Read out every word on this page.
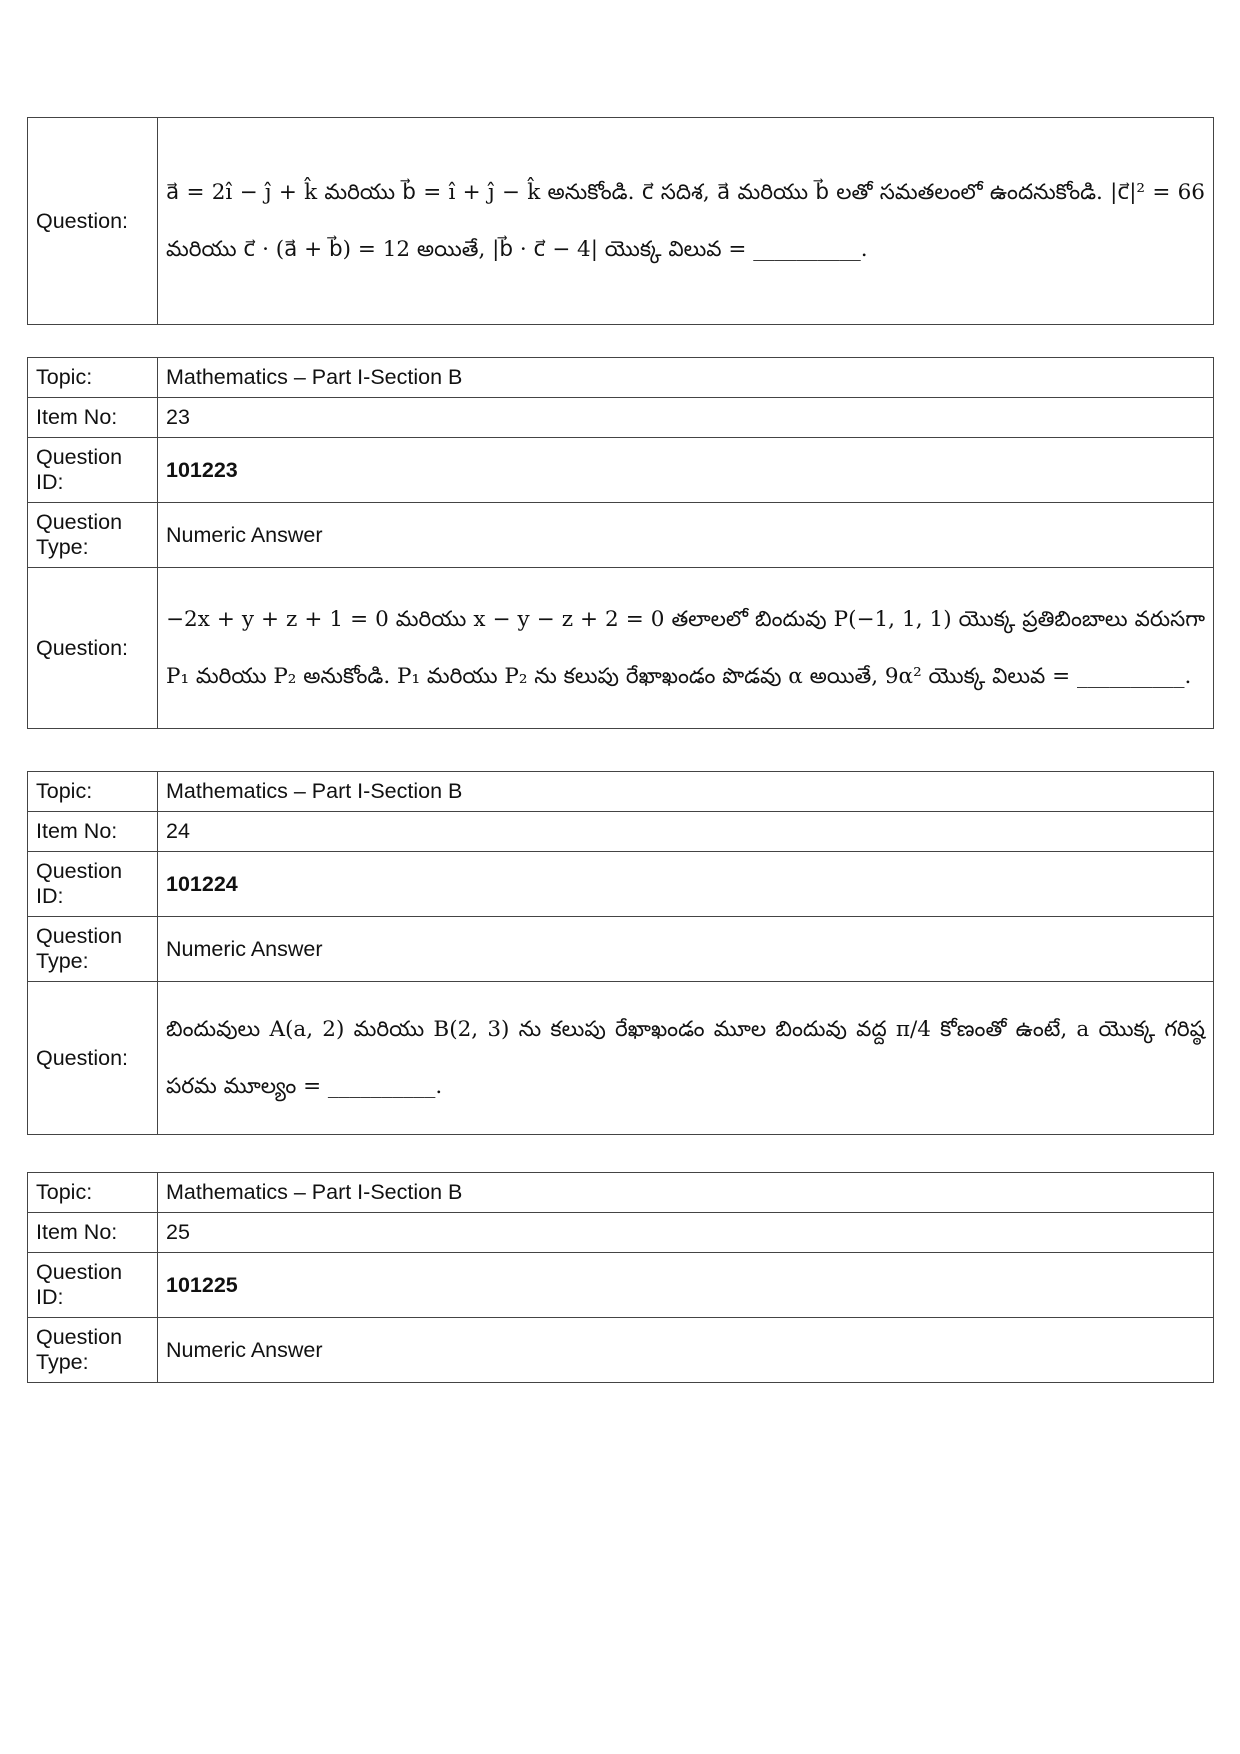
Question:	a⃗ = 2î − ĵ + k̂ మరియు b⃗ = î + ĵ − k̂ అనుకోండి. c⃗ సదిశ, a⃗ మరియు b⃗ లతో సమతలంలో ఉందనుకోండి. |c⃗|² = 66 మరియు c⃗ · (a⃗ + b⃗) = 12 అయితే, |b⃗ · c⃗ − 4| యొక్క విలువ = __________.
Topic:	Mathematics – Part I-Section B
Item No:	23
Question ID:	101223
Question Type:	Numeric Answer
Question:	−2x + y + z + 1 = 0 మరియు x − y − z + 2 = 0 తలాలలో బిందువు P(−1, 1, 1) యొక్క ప్రతిబింబాలు వరుసగా P₁ మరియు P₂ అనుకోండి. P₁ మరియు P₂ ను కలుపు రేఖాఖండం పొడవు α అయితే, 9α² యొక్క విలువ = __________.
Topic:	Mathematics – Part I-Section B
Item No:	24
Question ID:	101224
Question Type:	Numeric Answer
Question:	బిందువులు A(a, 2) మరియు B(2, 3) ను కలుపు రేఖాఖండం మూల బిందువు వద్ద π/4 కోణంతో ఉంటే, a యొక్క గరిష్ఠ పరమ మూల్యం = __________.
Topic:	Mathematics – Part I-Section B
Item No:	25
Question ID:	101225
Question Type:	Numeric Answer
